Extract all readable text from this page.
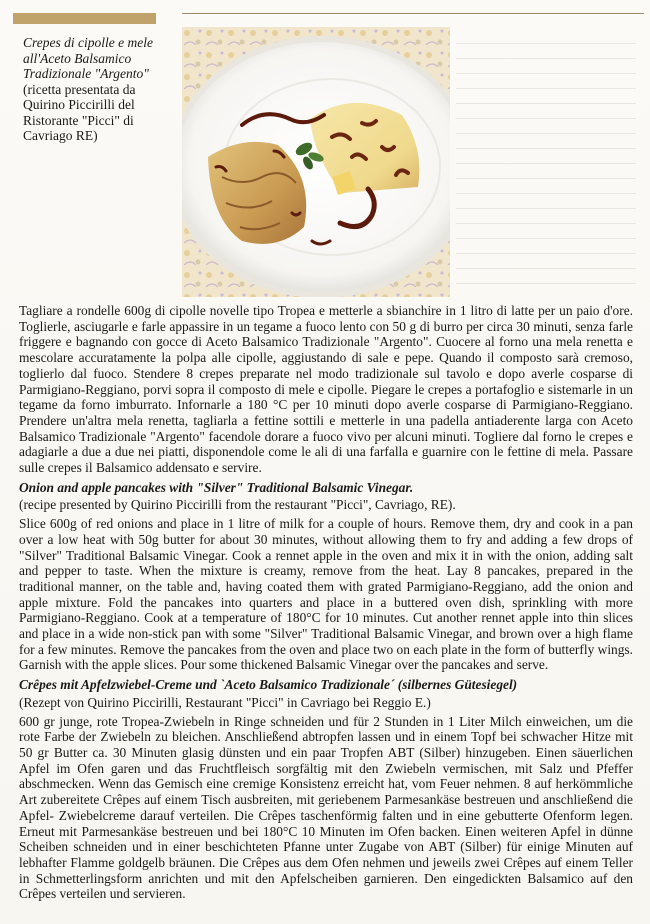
Crepes di cipolle e mele all'Aceto Balsamico Tradizionale "Argento"(ricetta presentata da Quirino Piccirilli del Ristorante "Picci" di Cavriago RE)

Tagliare a rondelle 600g di cipolle novelle tipo Tropea e metterle a sbianchire in 1 litro di latte per un paio d'ore. Toglierle, asciugarle e farle appassire in un tegame a fuoco lento con 50 g di burro per circa 30 minuti, senza farle friggere e bagnando con gocce di Aceto Balsamico Tradizionale "Argento". Cuocere al forno una mela renetta e mescolare accuratamente la polpa alle cipolle, aggiustando di sale e pepe. Quando il composto sarà cremoso, toglierlo dal fuoco. Stendere 8 crepes preparate nel modo tradizionale sul tavolo e dopo averle cosparse di Parmigiano-Reggiano, porvi sopra il composto di mele e cipolle. Piegare le crepes a portafoglio e sistemarle in un tegame da forno imburrato. Infornarle a 180 °C per 10 minuti dopo averle cosparse di Parmigiano-Reggiano. Prendere un'altra mela renetta, tagliarla a fettine sottili e metterle in una padella antiaderente larga con Aceto Balsamico Tradizionale "Argento" facendole dorare a fuoco vivo per alcuni minuti. Togliere dal forno le crepes e adagiarle a due a due nei piatti, disponendole come le ali di una farfalla e guarnire con le fettine di mela. Passare sulle crepes il Balsamico addensato e servire.

Onion and apple pancakes with "Silver" Traditional Balsamic Vinegar.

(recipe presented by Quirino Piccirilli from the restaurant "Picci", Cavriago, RE).

Slice 600g of red onions and place in 1 litre of milk for a couple of hours. Remove them, dry and cook in a pan over a low heat with 50g butter for about 30 minutes, without allowing them to fry and adding a few drops of "Silver" Traditional Balsamic Vinegar. Cook a rennet apple in the oven and mix it in with the onion, adding salt and pepper to taste. When the mixture is creamy, remove from the heat. Lay 8 pancakes, prepared in the traditional manner, on the table and, having coated them with grated Parmigiano-Reggiano, add the onion and apple mixture. Fold the pancakes into quarters and place in a buttered oven dish, sprinkling with more Parmigiano-Reggiano. Cook at a temperature of 180°C for 10 minutes. Cut another rennet apple into thin slices and place in a wide non-stick pan with some "Silver" Traditional Balsamic Vinegar, and brown over a high flame for a few minutes. Remove the pancakes from the oven and place two on each plate in the form of butterfly wings. Garnish with the apple slices. Pour some thickened Balsamic Vinegar over the pancakes and serve.

Crêpes mit Apfelzwiebel-Creme und `Aceto Balsamico Tradizionale´ (silbernes Gütesiegel)

(Rezept von Quirino Piccirilli, Restaurant "Picci" in Cavriago bei Reggio E.)

600 gr junge, rote Tropea-Zwiebeln in Ringe schneiden und für 2 Stunden in 1 Liter Milch einweichen, um die rote Farbe der Zwiebeln zu bleichen. Anschließend abtropfen lassen und in einem Topf bei schwacher Hitze mit 50 gr Butter ca. 30 Minuten glasig dünsten und ein paar Tropfen ABT (Silber) hinzugeben. Einen säuerlichen Apfel im Ofen garen und das Fruchtfleisch sorgfältig mit den Zwiebeln vermischen, mit Salz und Pfeffer abschmecken. Wenn das Gemisch eine cremige Konsistenz erreicht hat, vom Feuer nehmen. 8 auf herkömmliche Art zubereitete Crêpes auf einem Tisch ausbreiten, mit geriebenem Parmesankäse bestreuen und anschließend die Apfel- Zwiebelcreme darauf verteilen. Die Crêpes taschenförmig falten und in eine gebutterte Ofenform legen. Erneut mit Parmesankäse bestreuen und bei 180°C 10 Minuten im Ofen backen. Einen weiteren Apfel in dünne Scheiben schneiden und in einer beschichteten Pfanne unter Zugabe von ABT (Silber) für einige Minuten auf lebhafter Flamme goldgelb bräunen. Die Crêpes aus dem Ofen nehmen und jeweils zwei Crêpes auf einem Teller in Schmetterlingsform anrichten und mit den Apfelscheiben garnieren. Den eingedickten Balsamico auf den Crêpes verteilen und servieren.
